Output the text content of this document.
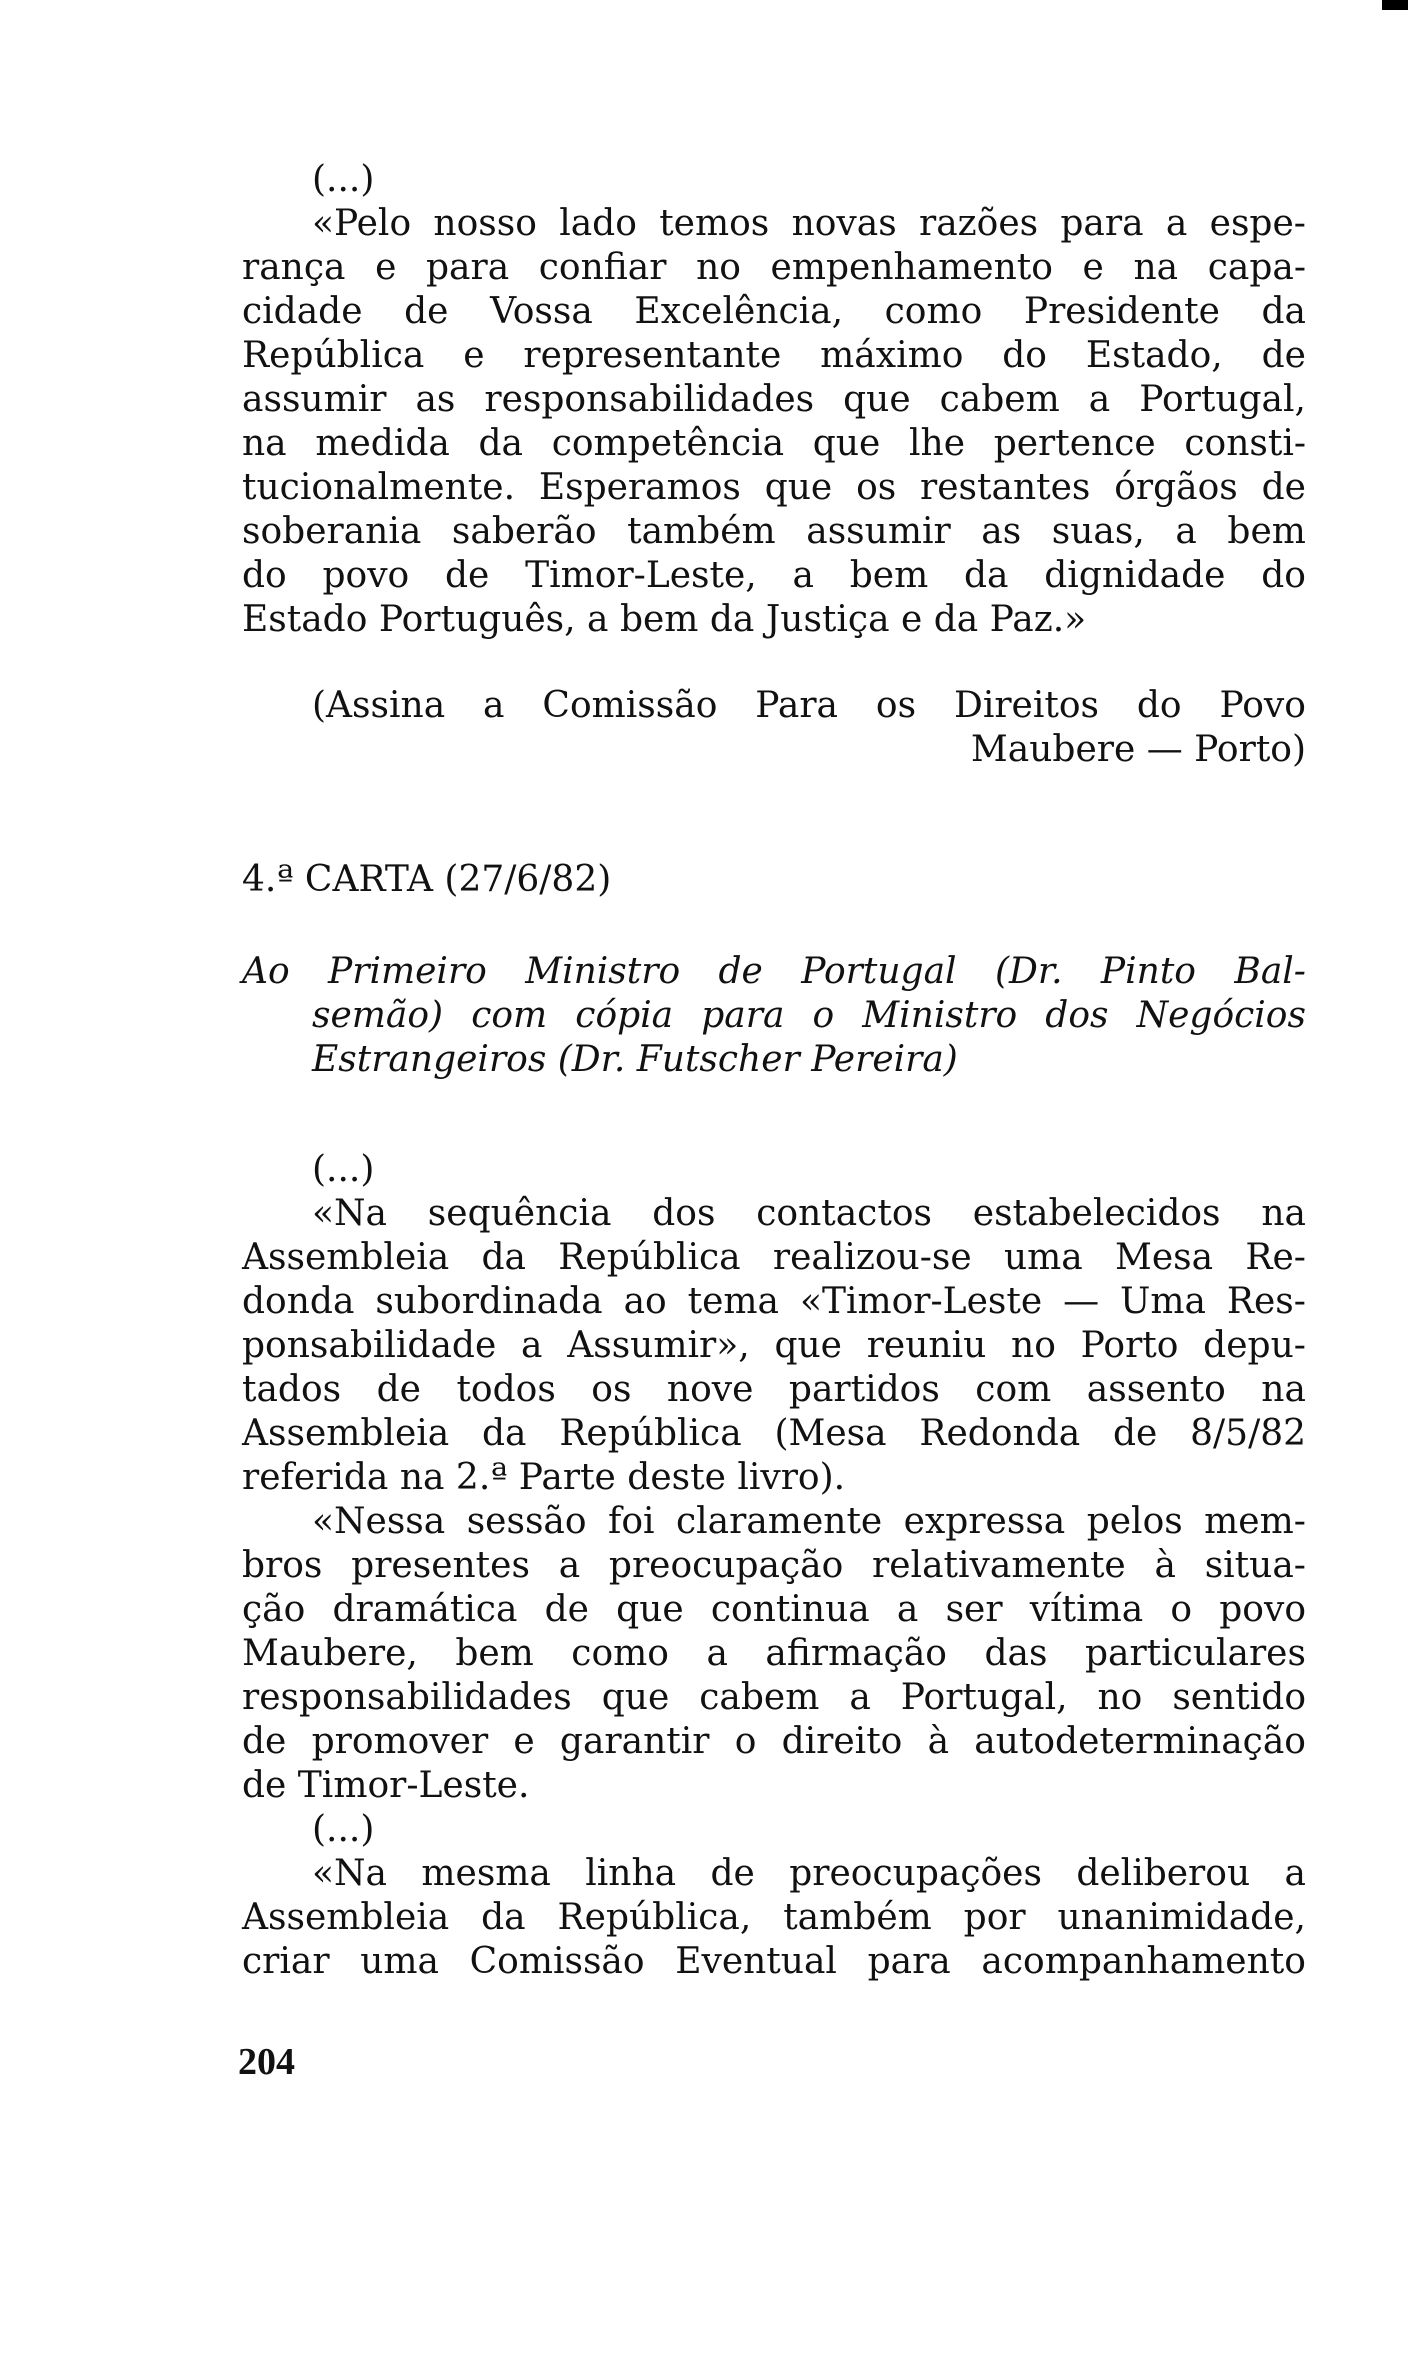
(...)
«Pelo nosso lado temos novas razões para a espe-
rança e para confiar no empenhamento e na capa-
cidade de Vossa Excelência, como Presidente da
República e representante máximo do Estado, de
assumir as responsabilidades que cabem a Portugal,
na medida da competência que lhe pertence consti-
tucionalmente. Esperamos que os restantes órgãos de
soberania saberão também assumir as suas, a bem
do povo de Timor-Leste, a bem da dignidade do
Estado Português, a bem da Justiça e da Paz.»
(Assina a Comissão Para os Direitos do Povo
Maubere — Porto)
4.ª CARTA (27/6/82)
Ao Primeiro Ministro de Portugal (Dr. Pinto Bal-
semão) com cópia para o Ministro dos Negócios
Estrangeiros (Dr. Futscher Pereira)
(...)
«Na sequência dos contactos estabelecidos na
Assembleia da República realizou-se uma Mesa Re-
donda subordinada ao tema «Timor-Leste — Uma Res-
ponsabilidade a Assumir», que reuniu no Porto depu-
tados de todos os nove partidos com assento na
Assembleia da República (Mesa Redonda de 8/5/82
referida na 2.ª Parte deste livro).
«Nessa sessão foi claramente expressa pelos mem-
bros presentes a preocupação relativamente à situa-
ção dramática de que continua a ser vítima o povo
Maubere, bem como a afirmação das particulares
responsabilidades que cabem a Portugal, no sentido
de promover e garantir o direito à autodeterminação
de Timor-Leste.
(...)
«Na mesma linha de preocupações deliberou a
Assembleia da República, também por unanimidade,
criar uma Comissão Eventual para acompanhamento
204
